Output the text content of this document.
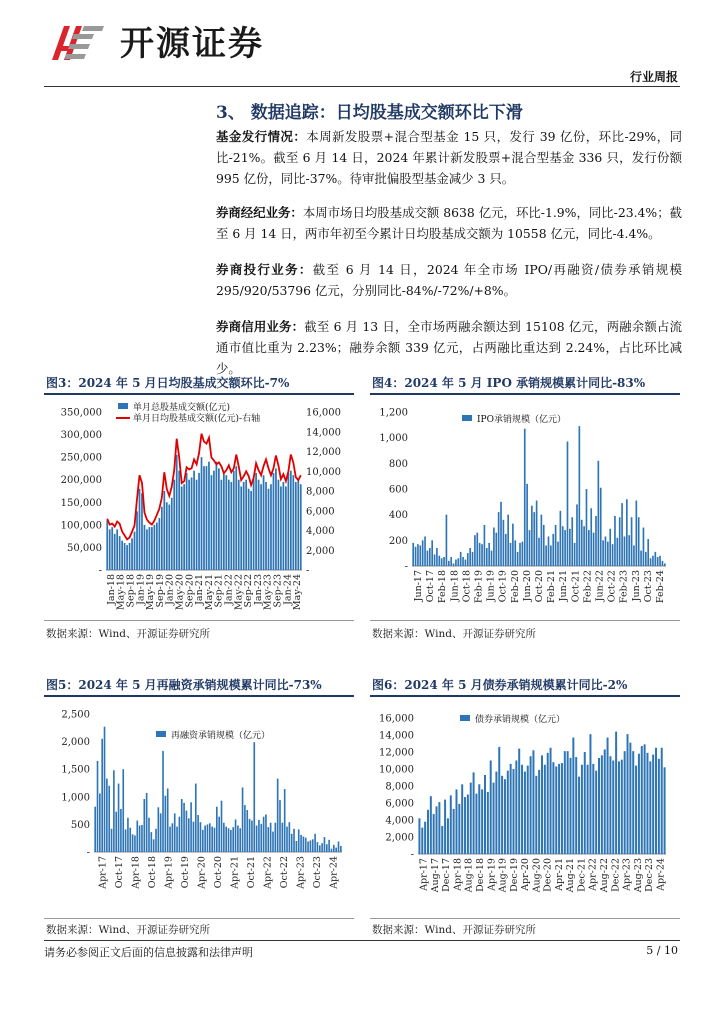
开源证券
行业周报
3、 数据追踪：日均股基成交额环比下滑
基金发行情况：本周新发股票+混合型基金 15 只，发行 39 亿份，环比-29%，同比-21%。截至 6 月 14 日，2024 年累计新发股票+混合型基金 336 只，发行份额 995 亿份，同比-37%。待审批偏股型基金减少 3 只。
券商经纪业务：本周市场日均股基成交额 8638 亿元，环比-1.9%，同比-23.4%；截至 6 月 14 日，两市年初至今累计日均股基成交额为 10558 亿元，同比-4.4%。
券商投行业务：截至 6 月 14 日，2024 年全市场 IPO/再融资/债券承销规模 295/920/53796 亿元，分别同比-84%/-72%/+8%。
券商信用业务：截至 6 月 13 日，全市场两融余额达到 15108 亿元，两融余额占流通市值比重为 2.23%；融券余额 339 亿元，占两融比重达到 2.24%，占比环比减少。
图3：2024 年 5 月日均股基成交额环比-7%	图4：2024 年 5 月 IPO 承销规模累计同比-83%
-
50,000
100,000
150,000
200,000
250,000
300,000
350,000
-
2,000
4,000
6,000
8,000
10,000
12,000
14,000
16,000
Jan-18
May-18
Sep-18
Jan-19
May-19
Sep-19
Jan-20
May-20
Sep-20
Jan-21
May-21
Sep-21
Jan-22
May-22
Sep-22
Jan-23
May-23
Sep-23
Jan-24
May-24
单月总股基成交额(亿元)
单月日均股基成交额(亿元)-右轴
-
200
400
600
800
1,000
1,200
Jun-17 Oct-17 Feb-18 Jun-18 Oct-18 Feb-19 Jun-19 Oct-19 Feb-20 Jun-20 Oct-20 Feb-21 Jun-21 Oct-21 Feb-22 Jun-22 Oct-22 Feb-23 Jun-23 Oct-23 Feb-24
IPO承销规模（亿元）
数据来源：Wind、开源证券研究所	数据来源：Wind、开源证券研究所
图5：2024 年 5 月再融资承销规模累计同比-73%	图6：2024 年 5 月债券承销规模累计同比-2%
-
500
1,000
1,500
2,000
2,500
Apr-17 Oct-17 Apr-18 Oct-18 Apr-19 Oct-19 Apr-20 Oct-20 Apr-21 Oct-21 Apr-22 Oct-22 Apr-23 Oct-23 Apr-24
再融资承销规模（亿元）
-
2,000
4,000
6,000
8,000
10,000
12,000
14,000
16,000
Apr-17 Aug-17 Dec-17 Apr-18 Aug-18 Dec-18 Apr-19 Aug-19 Dec-19 Apr-20 Aug-20 Dec-20 Apr-21 Aug-21 Dec-21 Apr-22 Aug-22 Dec-22 Apr-23 Aug-23 Dec-23 Apr-24
债券承销规模（亿元）
数据来源：Wind、开源证券研究所	数据来源：Wind、开源证券研究所
请务必参阅正文后面的信息披露和法律声明	5 / 10
